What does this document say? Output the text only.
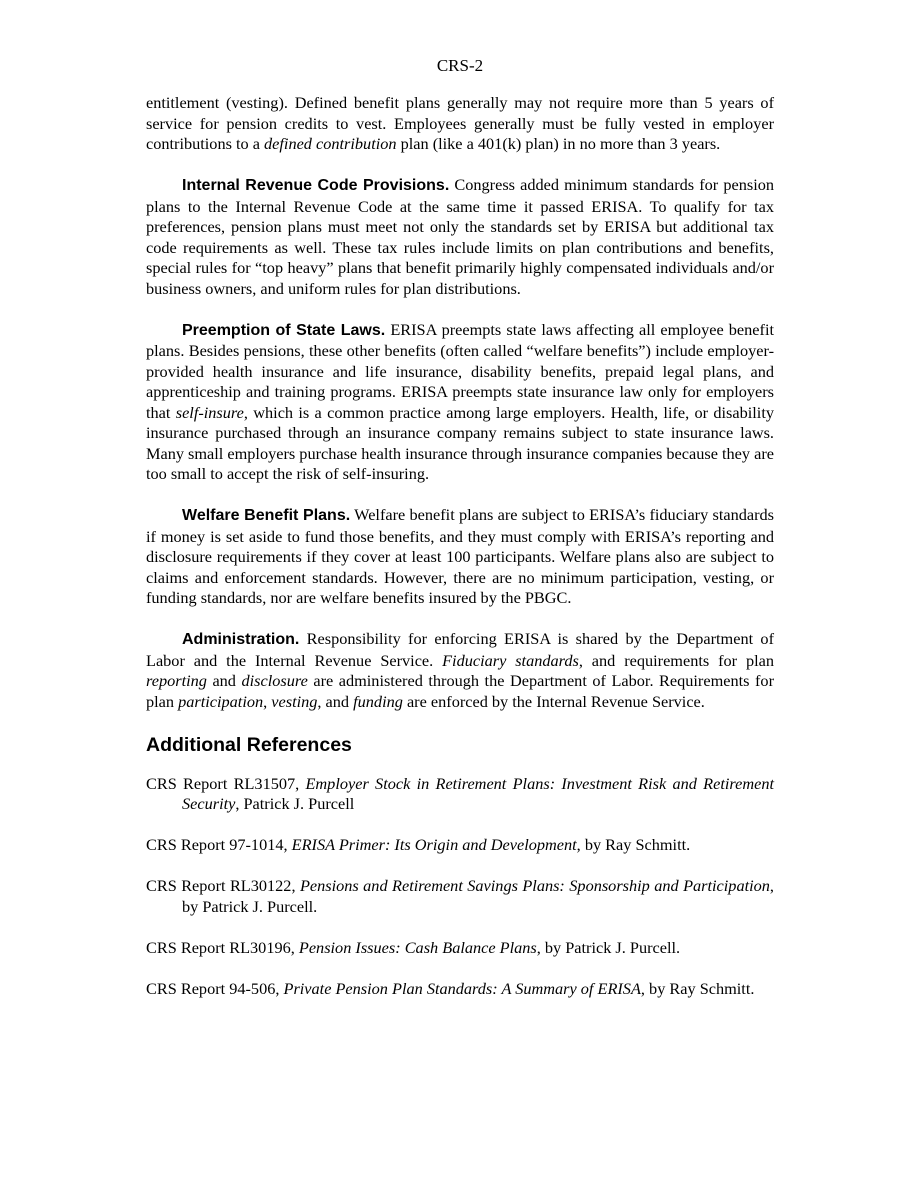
CRS-2

entitlement (vesting). Defined benefit plans generally may not require more than 5 years of service for pension credits to vest. Employees generally must be fully vested in employer contributions to a defined contribution plan (like a 401(k) plan) in no more than 3 years.

Internal Revenue Code Provisions. Congress added minimum standards for pension plans to the Internal Revenue Code at the same time it passed ERISA. To qualify for tax preferences, pension plans must meet not only the standards set by ERISA but additional tax code requirements as well. These tax rules include limits on plan contributions and benefits, special rules for “top heavy” plans that benefit primarily highly compensated individuals and/or business owners, and uniform rules for plan distributions.

Preemption of State Laws. ERISA preempts state laws affecting all employee benefit plans. Besides pensions, these other benefits (often called “welfare benefits”) include employer-provided health insurance and life insurance, disability benefits, prepaid legal plans, and apprenticeship and training programs. ERISA preempts state insurance law only for employers that self-insure, which is a common practice among large employers. Health, life, or disability insurance purchased through an insurance company remains subject to state insurance laws. Many small employers purchase health insurance through insurance companies because they are too small to accept the risk of self-insuring.

Welfare Benefit Plans. Welfare benefit plans are subject to ERISA’s fiduciary standards if money is set aside to fund those benefits, and they must comply with ERISA’s reporting and disclosure requirements if they cover at least 100 participants. Welfare plans also are subject to claims and enforcement standards. However, there are no minimum participation, vesting, or funding standards, nor are welfare benefits insured by the PBGC.

Administration. Responsibility for enforcing ERISA is shared by the Department of Labor and the Internal Revenue Service. Fiduciary standards, and requirements for plan reporting and disclosure are administered through the Department of Labor. Requirements for plan participation, vesting, and funding are enforced by the Internal Revenue Service.

Additional References

CRS Report RL31507, Employer Stock in Retirement Plans: Investment Risk and Retirement Security, Patrick J. Purcell

CRS Report 97-1014, ERISA Primer: Its Origin and Development, by Ray Schmitt.

CRS Report RL30122, Pensions and Retirement Savings Plans: Sponsorship and Participation, by Patrick J. Purcell.

CRS Report RL30196, Pension Issues: Cash Balance Plans, by Patrick J. Purcell.

CRS Report 94-506, Private Pension Plan Standards: A Summary of ERISA, by Ray Schmitt.
